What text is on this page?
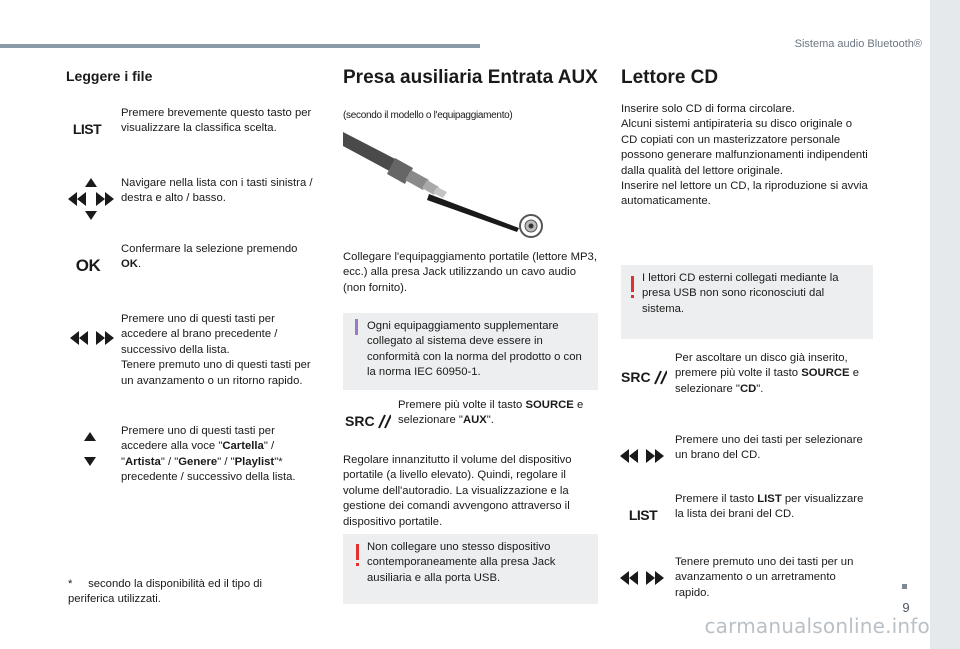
Sistema audio Bluetooth®
9
carmanualsonline.info
Leggere i file
LIST
Premere brevemente questo tasto per visualizzare la classifica scelta.
Navigare nella lista con i tasti sinistra / destra e alto / basso.
OK
Confermare la selezione premendo OK.
Premere uno di questi tasti per accedere al brano precedente / successivo della lista.
Tenere premuto uno di questi tasti per un avanzamento o un ritorno rapido.
Premere uno di questi tasti per accedere alla voce "Cartella" / "Artista" / "Genere" / "Playlist"* precedente / successivo della lista.
*     secondo la disponibilità ed il tipo di periferica utilizzati.
Presa ausiliaria Entrata AUX
(secondo il modello o l'equipaggiamento)
Collegare l'equipaggiamento portatile (lettore MP3, ecc.) alla presa Jack utilizzando un cavo audio (non fornito).
Ogni equipaggiamento supplementare collegato al sistema deve essere in conformità con la norma del prodotto o con la norma IEC 60950-1.
SRC
Premere più volte il tasto SOURCE e selezionare "AUX".
Regolare innanzitutto il volume del dispositivo portatile (a livello elevato). Quindi, regolare il volume dell'autoradio. La visualizzazione e la gestione dei comandi avvengono attraverso il dispositivo portatile.
Non collegare uno stesso dispositivo contemporaneamente alla presa Jack ausiliaria e alla porta USB.
Lettore CD
Inserire solo CD di forma circolare.
Alcuni sistemi antipirateria su disco originale o CD copiati con un masterizzatore personale possono generare malfunzionamenti indipendenti dalla qualità del lettore originale.
Inserire nel lettore un CD, la riproduzione si avvia automaticamente.
I lettori CD esterni collegati mediante la presa USB non sono riconosciuti dal sistema.
SRC
Per ascoltare un disco già inserito, premere più volte il tasto SOURCE e selezionare "CD".
Premere uno dei tasti per selezionare un brano del CD.
LIST
Premere il tasto LIST per visualizzare la lista dei brani del CD.
Tenere premuto uno dei tasti per un avanzamento o un arretramento rapido.
